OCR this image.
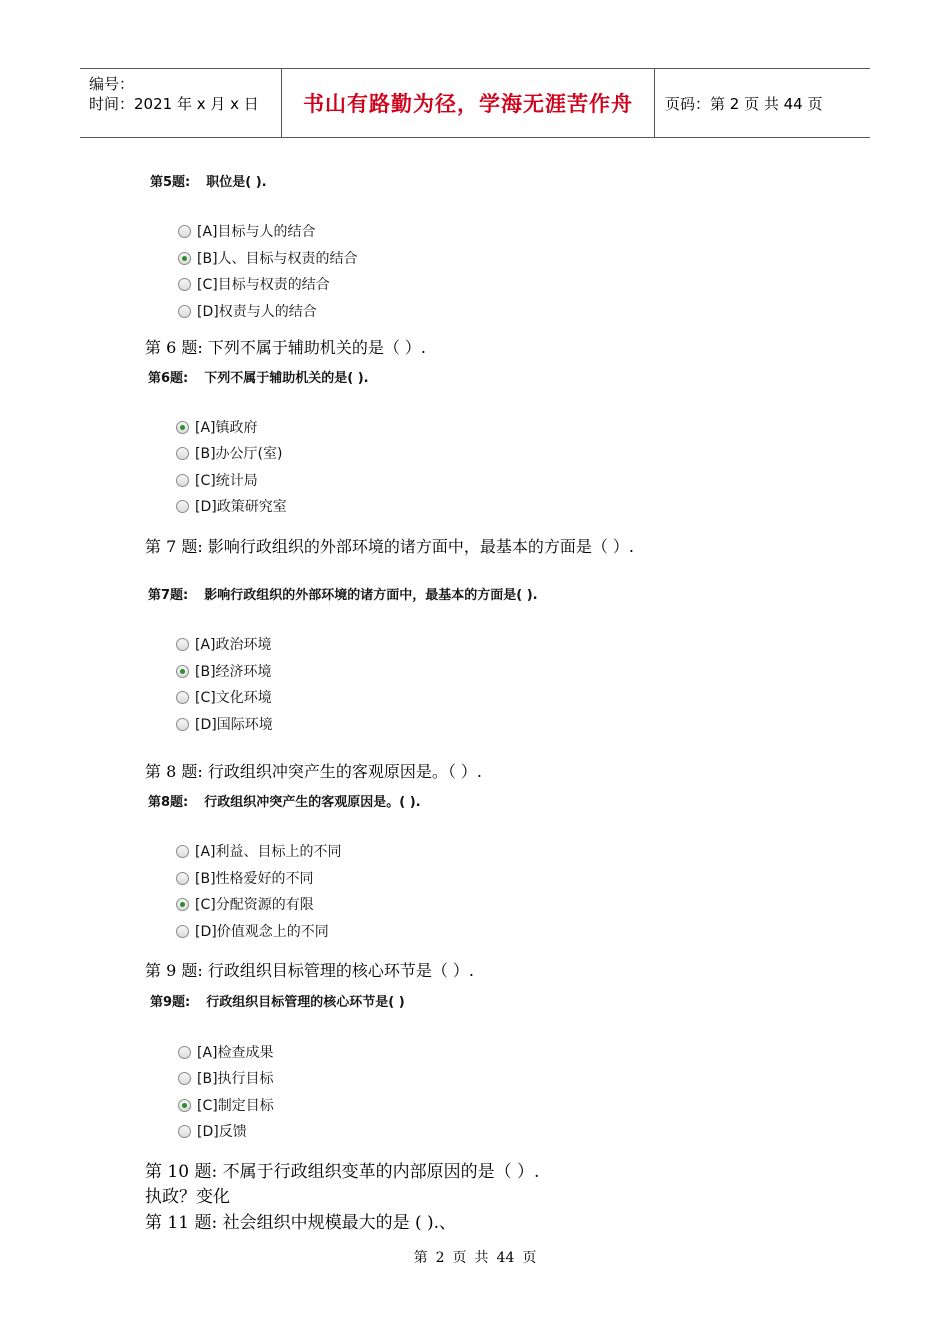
编号：
时间：2021 年 x 月 x 日 书山有路勤为径，学海无涯苦作舟 页码：第 2 页 共 44 页
第5题: 职位是( ).
[A]目标与人的结合
[B]人、目标与权责的结合
[C]目标与权责的结合
[D]权责与人的结合
第 6 题: 下列不属于辅助机关的是（ ）.
第6题: 下列不属于辅助机关的是( ).
[A]镇政府
[B]办公厅(室)
[C]统计局
[D]政策研究室
第 7 题: 影响行政组织的外部环境的诸方面中，最基本的方面是（ ）.
第7题: 影响行政组织的外部环境的诸方面中，最基本的方面是( ).
[A]政治环境
[B]经济环境
[C]文化环境
[D]国际环境
第 8 题: 行政组织冲突产生的客观原因是。（ ）.
第8题: 行政组织冲突产生的客观原因是。( ).
[A]利益、目标上的不同
[B]性格爱好的不同
[C]分配资源的有限
[D]价值观念上的不同
第 9 题: 行政组织目标管理的核心环节是（ ）.
第9题: 行政组织目标管理的核心环节是( )
[A]检查成果
[B]执行目标
[C]制定目标
[D]反馈
第 10 题: 不属于行政组织变革的内部原因的是（ ）.
执政？变化
第 11 题: 社会组织中规模最大的是 ( ).、
第 2 页 共 44 页
